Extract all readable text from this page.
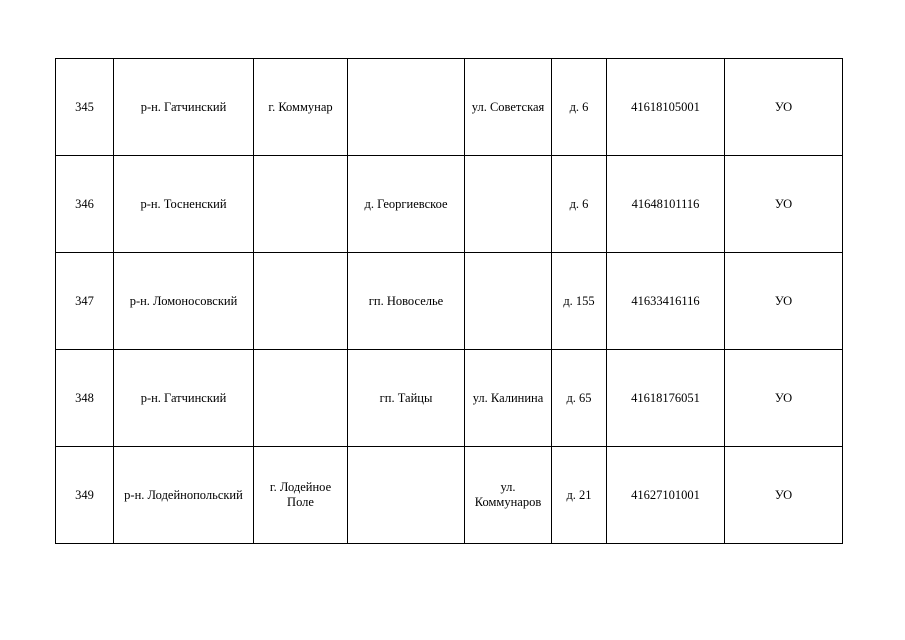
345	р-н. Гатчинский	г. Коммунар		ул. Советская	д. 6	41618105001	УО
346	р-н. Тосненский		д. Георгиевское		д. 6	41648101116	УО
347	р-н. Ломоносовский		гп. Новоселье		д. 155	41633416116	УО
348	р-н. Гатчинский		гп. Тайцы	ул. Калинина	д. 65	41618176051	УО
349	р-н. Лодейнопольский	г. Лодейное Поле		ул. Коммунаров	д. 21	41627101001	УО
